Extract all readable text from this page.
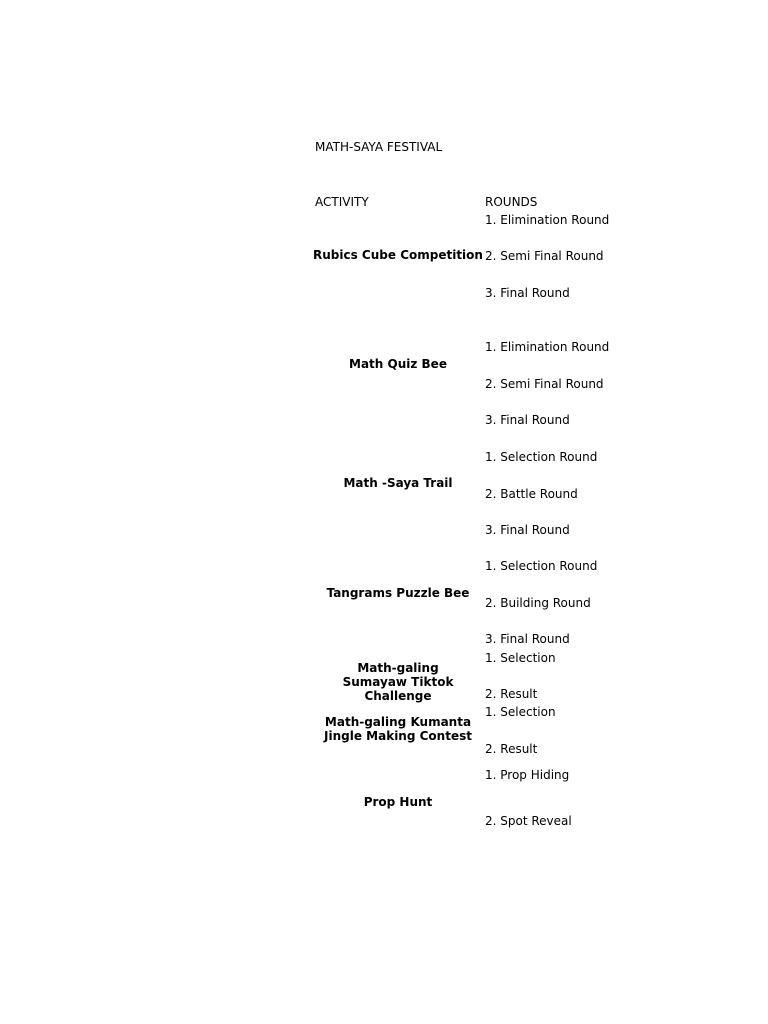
MATH-SAYA FESTIVAL
ACTIVITY	ROUNDS
Rubics Cube Competition
1. Elimination Round
2. Semi Final Round
3. Final Round
Math Quiz Bee
1. Elimination Round
2. Semi Final Round
3. Final Round
Math -Saya Trail
1. Selection Round
2. Battle Round
3. Final Round
Tangrams Puzzle Bee
1. Selection Round
2. Building Round
3. Final Round
Math-galing Sumayaw Tiktok Challenge
1. Selection
2. Result
Math-galing Kumanta Jingle Making Contest
1. Selection
2. Result
Prop Hunt
1. Prop Hiding
2. Spot Reveal
